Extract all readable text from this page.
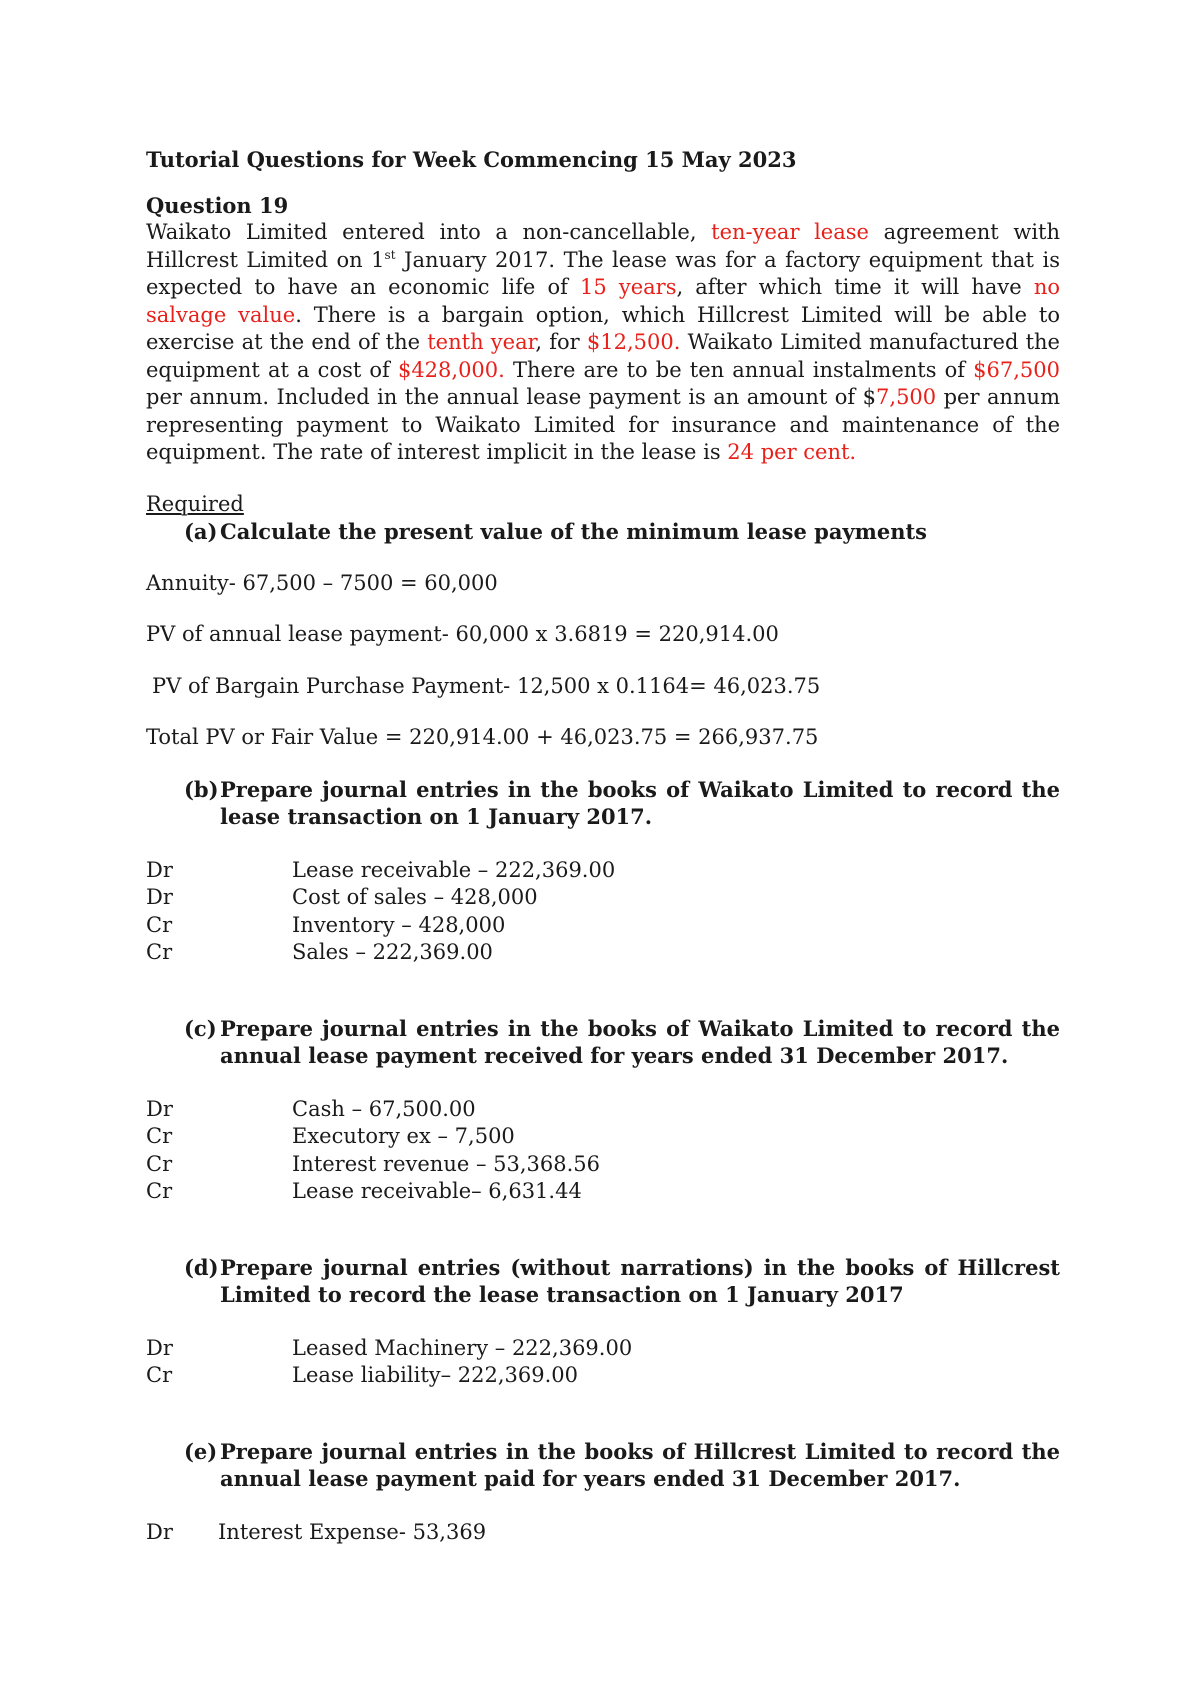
Tutorial Questions for Week Commencing 15 May 2023

Question 19

Waikato Limited entered into a non-cancellable, ten-year lease agreement with Hillcrest Limited on 1st January 2017. The lease was for a factory equipment that is expected to have an economic life of 15 years, after which time it will have no salvage value. There is a bargain option, which Hillcrest Limited will be able to exercise at the end of the tenth year, for $12,500. Waikato Limited manufactured the equipment at a cost of $428,000. There are to be ten annual instalments of $67,500 per annum. Included in the annual lease payment is an amount of $7,500 per annum representing payment to Waikato Limited for insurance and maintenance of the equipment. The rate of interest implicit in the lease is 24 per cent.

Required

(a) Calculate the present value of the minimum lease payments

Annuity- 67,500 – 7500 = 60,000

PV of annual lease payment- 60,000 x 3.6819 = 220,914.00

PV of Bargain Purchase Payment- 12,500 x 0.1164= 46,023.75

Total PV or Fair Value = 220,914.00 + 46,023.75 = 266,937.75

(b) Prepare journal entries in the books of Waikato Limited to record the lease transaction on 1 January 2017.
Dr	Lease receivable – 222,369.00
Dr	Cost of sales – 428,000
Cr	Inventory – 428,000
Cr	Sales – 222,369.00
(c) Prepare journal entries in the books of Waikato Limited to record the annual lease payment received for years ended 31 December 2017.
Dr	Cash – 67,500.00
Cr	Executory ex – 7,500
Cr	Interest revenue – 53,368.56
Cr	Lease receivable– 6,631.44
(d) Prepare journal entries (without narrations) in the books of Hillcrest Limited to record the lease transaction on 1 January 2017
Dr	Leased Machinery – 222,369.00
Cr	Lease liability– 222,369.00
(e) Prepare journal entries in the books of Hillcrest Limited to record the annual lease payment paid for years ended 31 December 2017.
Dr	Interest Expense- 53,369
